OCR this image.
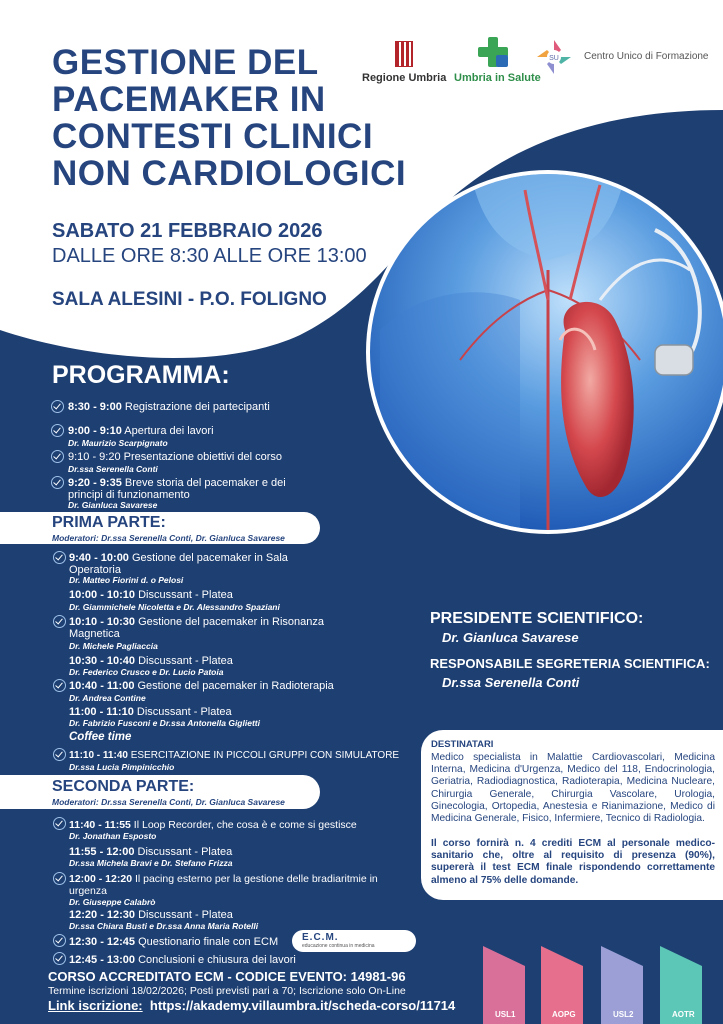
GESTIONE DEL
PACEMAKER IN
CONTESTI CLINICI
NON CARDIOLOGICI
SABATO 21 FEBBRAIO 2026
DALLE ORE 8:30 ALLE ORE 13:00
SALA ALESINI - P.O. FOLIGNO
Regione Umbria Umbria in Salute
SU	Centro Unico di Formazione
PROGRAMMA:
8:30 - 9:00 Registrazione dei partecipanti
9:00 - 9:10 Apertura dei lavori
Dr. Maurizio Scarpignato
9:10 - 9:20 Presentazione obiettivi del corso
Dr.ssa Serenella Conti
9:20 - 9:35 Breve storia del pacemaker e dei principi di funzionamento
Dr. Gianluca Savarese
PRIMA PARTE:
Moderatori: Dr.ssa Serenella Conti, Dr. Gianluca Savarese
9:40 - 10:00 Gestione del pacemaker in Sala Operatoria
Dr. Matteo Fiorini d. o Pelosi
10:00 - 10:10 Discussant - Platea
Dr. Giammichele Nicoletta e Dr. Alessandro Spaziani
10:10 - 10:30 Gestione del pacemaker in Risonanza Magnetica
Dr. Michele Pagliaccia
10:30 - 10:40 Discussant - Platea
Dr. Federico Crusco e Dr. Lucio Patoia
10:40 - 11:00 Gestione del pacemaker in Radioterapia
Dr. Andrea Contine
11:00 - 11:10 Discussant - Platea
Dr. Fabrizio Fusconi e Dr.ssa Antonella Giglietti
Coffee time
11:10 - 11:40 ESERCITAZIONE IN PICCOLI GRUPPI CON SIMULATORE
Dr.ssa Lucia Pimpinicchio
SECONDA PARTE:
Moderatori: Dr.ssa Serenella Conti, Dr. Gianluca Savarese
11:40 - 11:55 Il Loop Recorder, che cosa è e come si gestisce
Dr. Jonathan Esposto
11:55 - 12:00 Discussant - Platea
Dr.ssa Michela Bravi e Dr. Stefano Frizza
12:00 - 12:20 Il pacing esterno per la gestione delle bradiaritmie in urgenza
Dr. Giuseppe Calabrò
12:20 - 12:30 Discussant - Platea
Dr.ssa Chiara Busti e Dr.ssa Anna Maria Rotelli
12:30 - 12:45 Questionario finale con ECM E.C.M.
educazione continua in medicina
12:45 - 13:00 Conclusioni e chiusura dei lavori
PRESIDENTE SCIENTIFICO:
Dr. Gianluca Savarese
RESPONSABILE SEGRETERIA SCIENTIFICA:
Dr.ssa Serenella Conti
DESTINATARI
Medico specialista in Malattie Cardiovascolari, Medicina Interna, Medicina d'Urgenza, Medico del 118, Endocrinologia, Geriatria, Radiodiagnostica, Radioterapia, Medicina Nucleare, Chirurgia Generale, Chirurgia Vascolare, Urologia, Ginecologia, Ortopedia, Anestesia e Rianimazione, Medico di Medicina Generale, Fisico, Infermiere, Tecnico di Radiologia.
Il corso fornirà n. 4 crediti ECM al personale medico-sanitario che, oltre al requisito di presenza (90%), supererà il test ECM finale rispondendo correttamente almeno al 75% delle domande.
CORSO ACCREDITATO ECM - CODICE EVENTO: 14981-96
Termine iscrizioni 18/02/2026; Posti previsti pari a 70; Iscrizione solo On-Line
Link iscrizione: https://akademy.villaumbra.it/scheda-corso/11714
USL1	AOPG	USL2	AOTR
